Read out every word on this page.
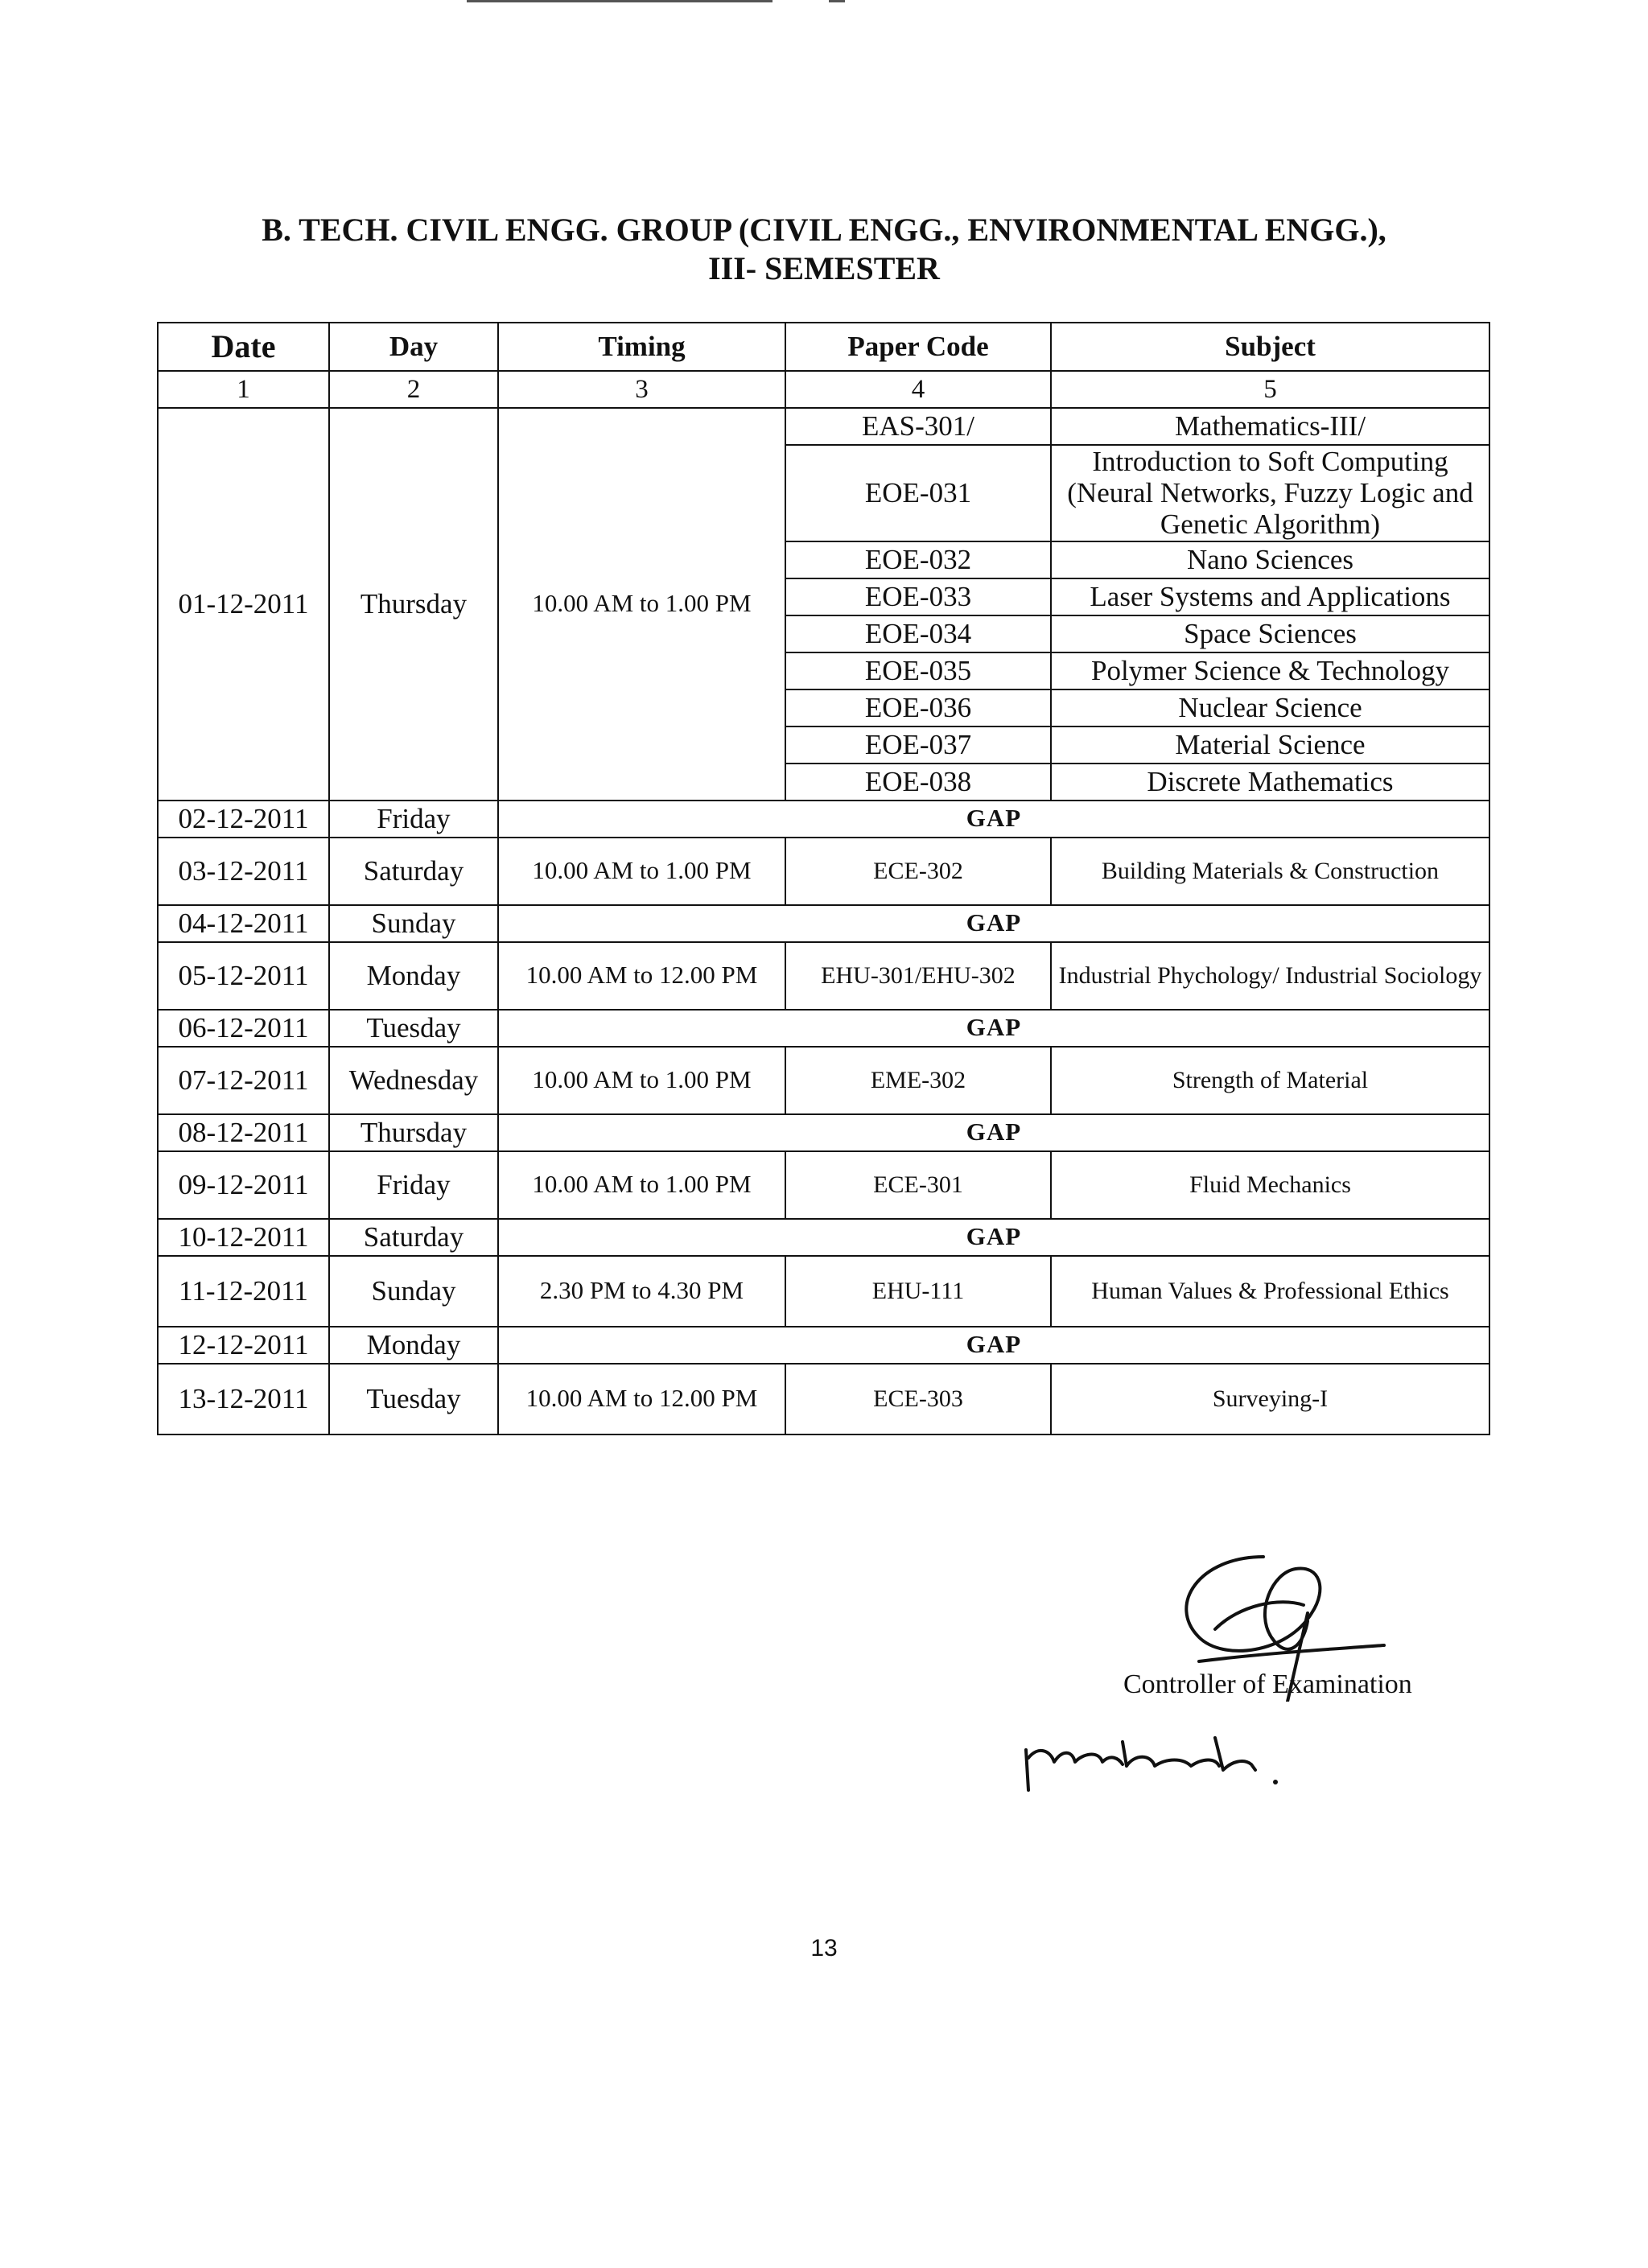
B. TECH. CIVIL ENGG. GROUP (CIVIL ENGG., ENVIRONMENTAL ENGG.),
III- SEMESTER
Date	Day	Timing	Paper Code	Subject
1	2	3	4	5
01-12-2011	Thursday	10.00 AM to 1.00 PM	EAS-301/	Mathematics-III/
			EOE-031	Introduction to Soft Computing (Neural Networks, Fuzzy Logic and Genetic Algorithm)
			EOE-032	Nano Sciences
			EOE-033	Laser Systems and Applications
			EOE-034	Space Sciences
			EOE-035	Polymer Science & Technology
			EOE-036	Nuclear Science
			EOE-037	Material Science
			EOE-038	Discrete Mathematics
02-12-2011	Friday	GAP		
03-12-2011	Saturday	10.00 AM to 1.00 PM	ECE-302	Building Materials & Construction
04-12-2011	Sunday	GAP		
05-12-2011	Monday	10.00 AM to 12.00 PM	EHU-301/EHU-302	Industrial Phychology/ Industrial Sociology
06-12-2011	Tuesday	GAP		
07-12-2011	Wednesday	10.00 AM to 1.00 PM	EME-302	Strength of Material
08-12-2011	Thursday	GAP		
09-12-2011	Friday	10.00 AM to 1.00 PM	ECE-301	Fluid Mechanics
10-12-2011	Saturday	GAP		
11-12-2011	Sunday	2.30 PM to 4.30 PM	EHU-111	Human Values & Professional Ethics
12-12-2011	Monday	GAP		
13-12-2011	Tuesday	10.00 AM to 12.00 PM	ECE-303	Surveying-I
Controller of Examination
13
